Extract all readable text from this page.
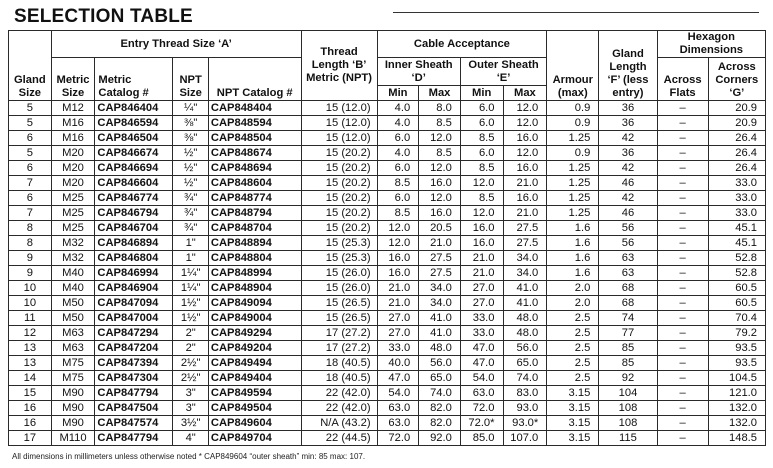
SELECTION TABLE
Gland Size	Entry Thread Size ‘A’				Thread Length ‘B’ Metric (NPT)	Cable Acceptance				Armour (max)	Gland Length ‘F’ (less entry)	Hexagon Dimensions	
	Metric Size	Metric Catalog #	NPT Size	NPT Catalog #		Inner Sheath ‘D’		Outer Sheath ‘E’				Across Flats	Across Corners ‘G’
						Min	Max	Min	Max				
5	M12	CAP846404	¼"	CAP848404	15 (12.0)	4.0	8.0	6.0	12.0	0.9	36	–	20.9
5	M16	CAP846594	⅜"	CAP848594	15 (12.0)	4.0	8.5	6.0	12.0	0.9	36	–	20.9
6	M16	CAP846504	⅜"	CAP848504	15 (12.0)	6.0	12.0	8.5	16.0	1.25	42	–	26.4
5	M20	CAP846674	½"	CAP848674	15 (20.2)	4.0	8.5	6.0	12.0	0.9	36	–	26.4
6	M20	CAP846694	½"	CAP848694	15 (20.2)	6.0	12.0	8.5	16.0	1.25	42	–	26.4
7	M20	CAP846604	½"	CAP848604	15 (20.2)	8.5	16.0	12.0	21.0	1.25	46	–	33.0
6	M25	CAP846774	¾"	CAP848774	15 (20.2)	6.0	12.0	8.5	16.0	1.25	42	–	33.0
7	M25	CAP846794	¾"	CAP848794	15 (20.2)	8.5	16.0	12.0	21.0	1.25	46	–	33.0
8	M25	CAP846704	¾"	CAP848704	15 (20.2)	12.0	20.5	16.0	27.5	1.6	56	–	45.1
8	M32	CAP846894	1"	CAP848894	15 (25.3)	12.0	21.0	16.0	27.5	1.6	56	–	45.1
9	M32	CAP846804	1"	CAP848804	15 (25.3)	16.0	27.5	21.0	34.0	1.6	63	–	52.8
9	M40	CAP846994	1¼"	CAP848994	15 (26.0)	16.0	27.5	21.0	34.0	1.6	63	–	52.8
10	M40	CAP846904	1¼"	CAP848904	15 (26.0)	21.0	34.0	27.0	41.0	2.0	68	–	60.5
10	M50	CAP847094	1½"	CAP849094	15 (26.5)	21.0	34.0	27.0	41.0	2.0	68	–	60.5
11	M50	CAP847004	1½"	CAP849004	15 (26.5)	27.0	41.0	33.0	48.0	2.5	74	–	70.4
12	M63	CAP847294	2"	CAP849294	17 (27.2)	27.0	41.0	33.0	48.0	2.5	77	–	79.2
13	M63	CAP847204	2"	CAP849204	17 (27.2)	33.0	48.0	47.0	56.0	2.5	85	–	93.5
13	M75	CAP847394	2½"	CAP849494	18 (40.5)	40.0	56.0	47.0	65.0	2.5	85	–	93.5
14	M75	CAP847304	2½"	CAP849404	18 (40.5)	47.0	65.0	54.0	74.0	2.5	92	–	104.5
15	M90	CAP847794	3"	CAP849594	22 (42.0)	54.0	74.0	63.0	83.0	3.15	104	–	121.0
16	M90	CAP847504	3"	CAP849504	22 (42.0)	63.0	82.0	72.0	93.0	3.15	108	–	132.0
16	M90	CAP847574	3½"	CAP849604	N/A (43.2)	63.0	82.0	72.0*	93.0*	3.15	108	–	132.0
17	M110	CAP847794	4"	CAP849704	22 (44.5)	72.0	92.0	85.0	107.0	3.15	115	–	148.5
All dimensions in millimeters unless otherwise noted * CAP849604 “outer sheath” min: 85 max: 107.
